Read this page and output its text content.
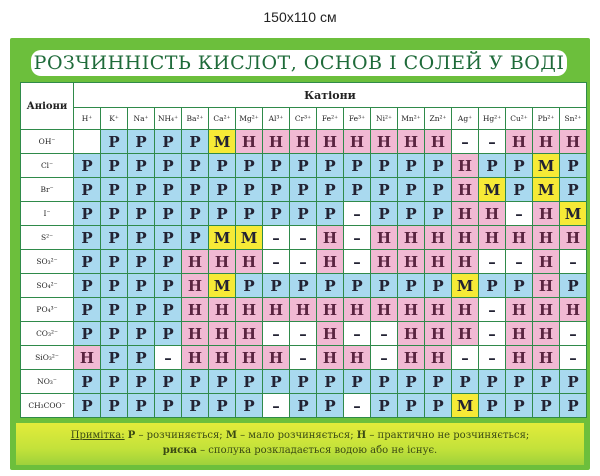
150x110 см
РОЗЧИННІСТЬ КИСЛОТ, ОСНОВ І СОЛЕЙ У ВОДІ
Аніони	Катіони																		
	H⁺	K⁺	Na⁺	NH₄⁺	Ba²⁺	Ca²⁺	Mg²⁺	Al³⁺	Cr³⁺	Fe²⁺	Fe³⁺	Ni²⁺	Mn²⁺	Zn²⁺	Ag⁺	Hg²⁺	Cu²⁺	Pb²⁺	Sn²⁺
OH⁻		Р	Р	Р	Р	М	Н	Н	Н	Н	Н	Н	Н	Н	–	–	Н	Н	Н
Cl⁻	Р	Р	Р	Р	Р	Р	Р	Р	Р	Р	Р	Р	Р	Р	Н	Р	Р	М	Р
Br⁻	Р	Р	Р	Р	Р	Р	Р	Р	Р	Р	Р	Р	Р	Р	Н	М	Р	М	Р
I⁻	Р	Р	Р	Р	Р	Р	Р	Р	Р	Р	–	Р	Р	Р	Н	Н	–	Н	М
S²⁻	Р	Р	Р	Р	Р	М	М	–	–	Н	–	Н	Н	Н	Н	Н	Н	Н	Н
SO₃²⁻	Р	Р	Р	Р	Н	Н	Н	–	–	Н	–	Н	Н	Н	Н	–	–	Н	–
SO₄²⁻	Р	Р	Р	Р	Н	М	Р	Р	Р	Р	Р	Р	Р	Р	М	Р	Р	Н	Р
PO₄³⁻	Р	Р	Р	Р	Н	Н	Н	Н	Н	Н	Н	Н	Н	Н	Н	–	Н	Н	Н
CO₃²⁻	Р	Р	Р	Р	Н	Н	Н	–	–	Н	–	–	Н	Н	Н	–	Н	Н	–
SiO₃²⁻	Н	Р	Р	–	Н	Н	Н	Н	–	Н	Н	–	Н	Н	–	–	Н	Н	–
NO₃⁻	Р	Р	Р	Р	Р	Р	Р	Р	Р	Р	Р	Р	Р	Р	Р	Р	Р	Р	Р
CH₃COO⁻	Р	Р	Р	Р	Р	Р	Р	–	Р	Р	–	Р	Р	Р	М	Р	Р	Р	Р
Примітка: Р – розчиняється; М – мало розчиняється; Н – практично не розчиняється;
риска – сполука розкладається водою або не існує.
